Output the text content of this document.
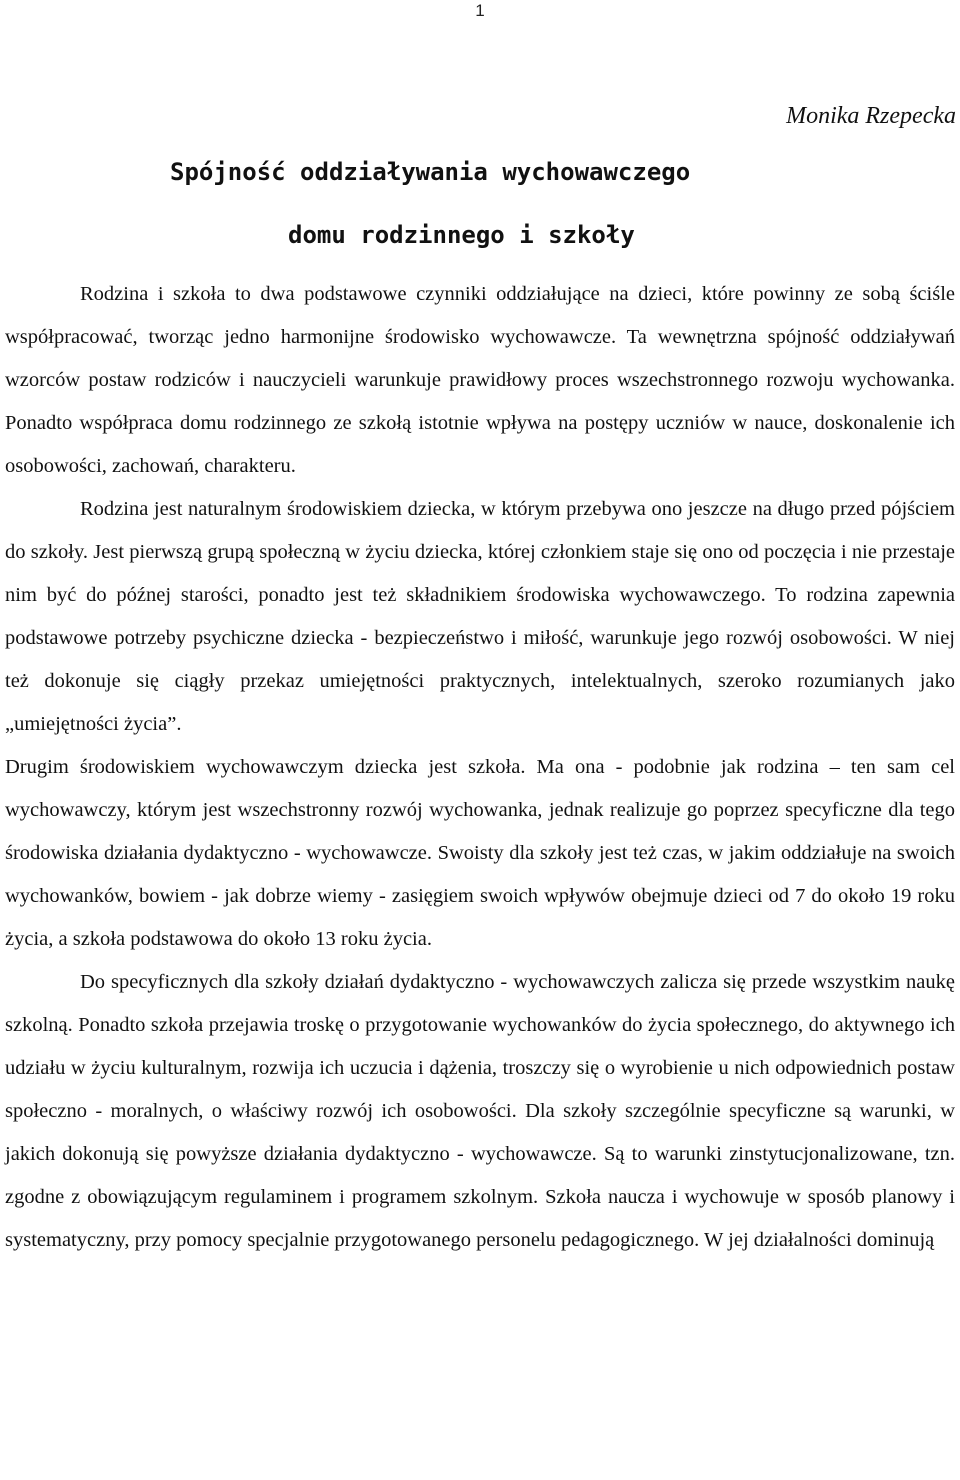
1
Monika Rzepecka
Spójność oddziaływania wychowawczego
domu rodzinnego i szkoły

Rodzina i szkoła to dwa podstawowe czynniki oddziałujące na dzieci, które powinny ze sobą ściśle współpracować, tworząc jedno harmonijne środowisko wychowawcze. Ta wewnętrzna spójność oddziaływań wzorców postaw rodziców i nauczycieli warunkuje prawidłowy proces wszechstronnego rozwoju wychowanka. Ponadto współpraca domu rodzinnego ze szkołą istotnie wpływa na postępy uczniów w nauce, doskonalenie ich osobowości, zachowań, charakteru.

Rodzina jest naturalnym środowiskiem dziecka, w którym przebywa ono jeszcze na długo przed pójściem do szkoły. Jest pierwszą grupą społeczną w życiu dziecka, której członkiem staje się ono od poczęcia i nie przestaje nim być do późnej starości, ponadto jest też składnikiem środowiska wychowawczego. To rodzina zapewnia podstawowe potrzeby psychiczne dziecka - bezpieczeństwo i miłość, warunkuje jego rozwój osobowości. W niej też dokonuje się ciągły przekaz umiejętności praktycznych, intelektualnych, szeroko rozumianych jako „umiejętności życia”.

Drugim środowiskiem wychowawczym dziecka jest szkoła. Ma ona - podobnie jak rodzina – ten sam cel wychowawczy, którym jest wszechstronny rozwój wychowanka, jednak realizuje go poprzez specyficzne dla tego środowiska działania dydaktyczno - wychowawcze. Swoisty dla szkoły jest też czas, w jakim oddziałuje na swoich wychowanków, bowiem - jak dobrze wiemy - zasięgiem swoich wpływów obejmuje dzieci od 7 do około 19 roku życia, a szkoła podstawowa do około 13 roku życia.

Do specyficznych dla szkoły działań dydaktyczno - wychowawczych zalicza się przede wszystkim naukę szkolną. Ponadto szkoła przejawia troskę o przygotowanie wychowanków do życia społecznego, do aktywnego ich udziału w życiu kulturalnym, rozwija ich uczucia i dążenia, troszczy się o wyrobienie u nich odpowiednich postaw społeczno - moralnych, o właściwy rozwój ich osobowości. Dla szkoły szczególnie specyficzne są warunki, w jakich dokonują się powyższe działania dydaktyczno - wychowawcze. Są to warunki zinstytucjonalizowane, tzn. zgodne z obowiązującym regulaminem i programem szkolnym. Szkoła naucza i wychowuje w sposób planowy i systematyczny, przy pomocy specjalnie przygotowanego personelu pedagogicznego. W jej działalności dominują
